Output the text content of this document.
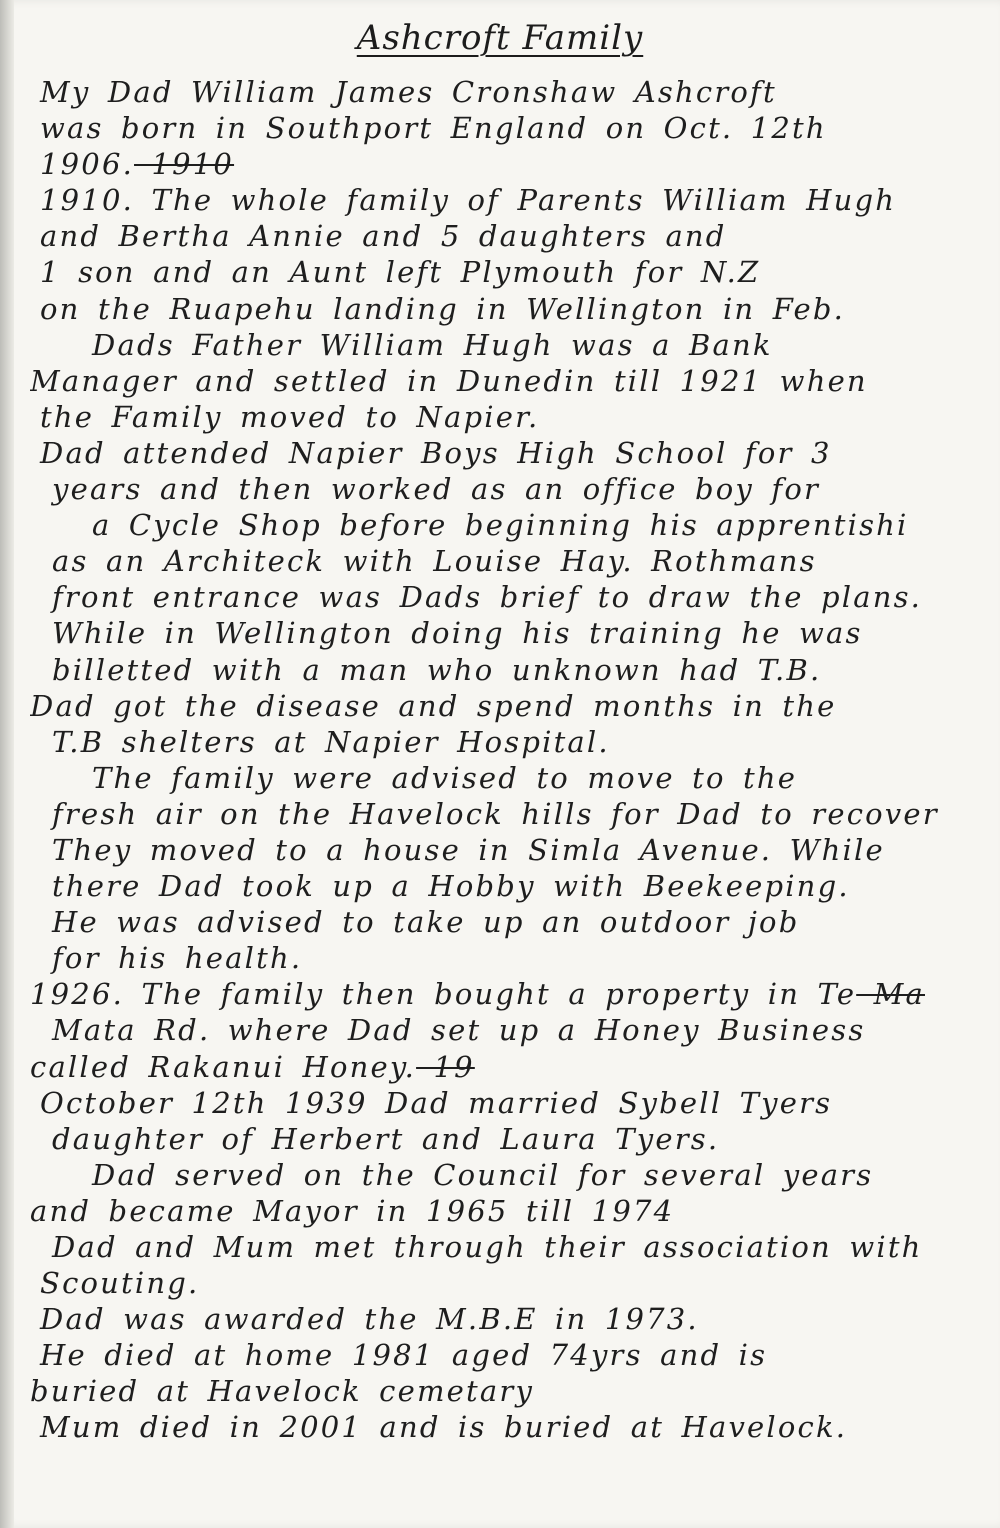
Ashcroft Family
My Dad William James Cronshaw Ashcroft
was born in Southport England on Oct. 12th
1906. 1910
1910. The whole family of Parents William Hugh
and Bertha Annie and 5 daughters and
1 son and an Aunt left Plymouth for N.Z
on the Ruapehu landing in Wellington in Feb.
Dads Father William Hugh was a Bank
Manager and settled in Dunedin till 1921 when
the Family moved to Napier.
Dad attended Napier Boys High School for 3
years and then worked as an office boy for
a Cycle Shop before beginning his apprentishi
as an Architeck with Louise Hay. Rothmans
front entrance was Dads brief to draw the plans.
While in Wellington doing his training he was
billetted with a man who unknown had T.B.
Dad got the disease and spend months in the
T.B shelters at Napier Hospital.
The family were advised to move to the
fresh air on the Havelock hills for Dad to recover
They moved to a house in Simla Avenue. While
there Dad took up a Hobby with Beekeeping.
He was advised to take up an outdoor job
for his health.
1926. The family then bought a property in Te Ma
Mata Rd. where Dad set up a Honey Business
called Rakanui Honey. 19
October 12th 1939 Dad married Sybell Tyers
daughter of Herbert and Laura Tyers.
Dad served on the Council for several years
and became Mayor in 1965 till 1974
Dad and Mum met through their association with
Scouting.
Dad was awarded the M.B.E in 1973.
He died at home 1981 aged 74yrs and is
buried at Havelock cemetary
Mum died in 2001 and is buried at Havelock.
